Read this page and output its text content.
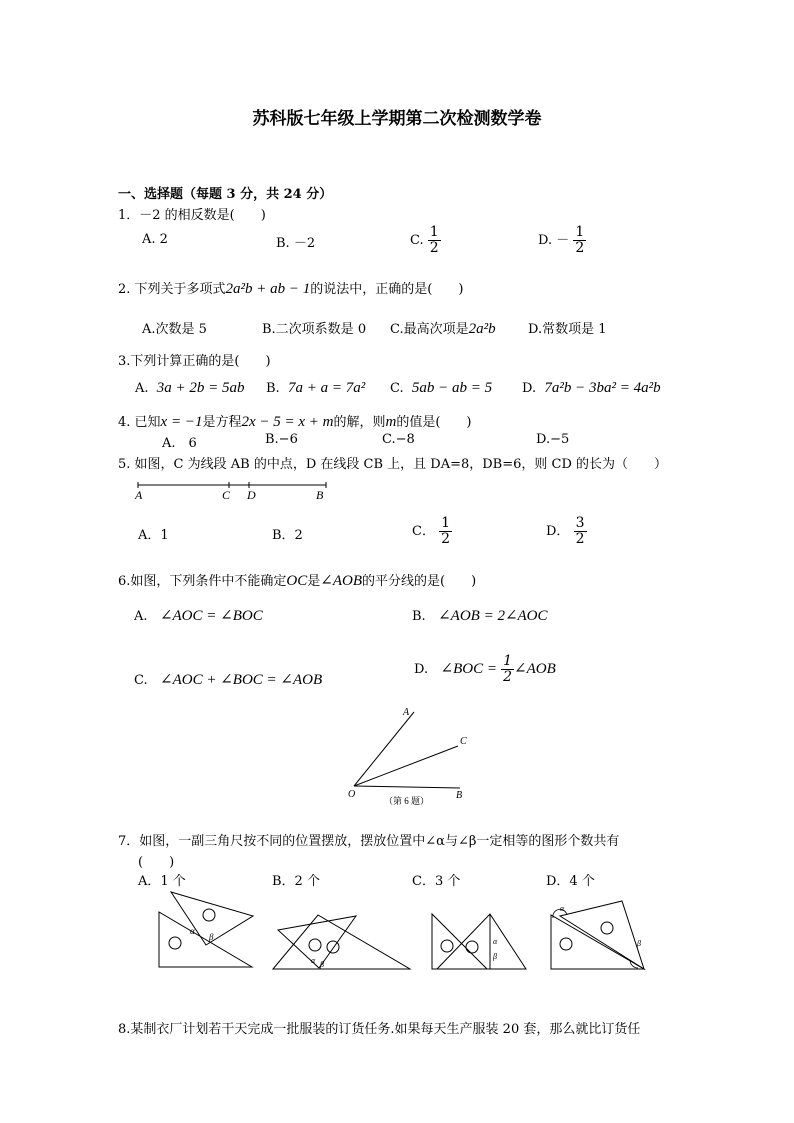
苏科版七年级上学期第二次检测数学卷
一、选择题（每题 3 分，共 24 分）
1．－2 的相反数是(　　)
A. 2	B. －2	C. $\frac{1}{2}$	D. － $\frac{1}{2}$
2. 下列关于多项式2a²b + ab − 1的说法中，正确的是(　　)
A.次数是 5	B.二次项系数是 0 C.最高次项是2a²b D.常数项是 1
3.下列计算正确的是(　　)
A. 3a + 2b = 5ab B. 7a + a = 7a² C. 5ab − ab = 5 D. 7a²b − 3ba² = 4a²b
4. 已知x = −1是方程2x − 5 = x + m的解，则m的值是(　　)
A.　6	B.−6	C.−8	D.−5
5. 如图，C 为线段 AB 的中点，D 在线段 CB 上，且 DA=8，DB=6，则 CD 的长为（　　）
A	C D	B
A．1	B．2	C． $\frac{1}{2}$	D． $\frac{3}{2}$
6.如图，下列条件中不能确定OC是∠AOB的平分线的是(　　)
A. ∠AOC = ∠BOC	B. ∠AOB = 2∠AOC
C. ∠AOC + ∠BOC = ∠AOB
D. ∠BOC = $\frac{1}{2}$ ∠AOB
A
C
O	B
（第 6 题）
7．如图，一副三角尺按不同的位置摆放，摆放位置中∠α与∠β一定相等的图形个数共有
(　　)
A．1 个	B．2 个	C．3 个	D．4 个
α
β
α β
α
β
α
β
8.某制衣厂计划若干天完成一批服装的订货任务.如果每天生产服装 20 套，那么就比订货任
